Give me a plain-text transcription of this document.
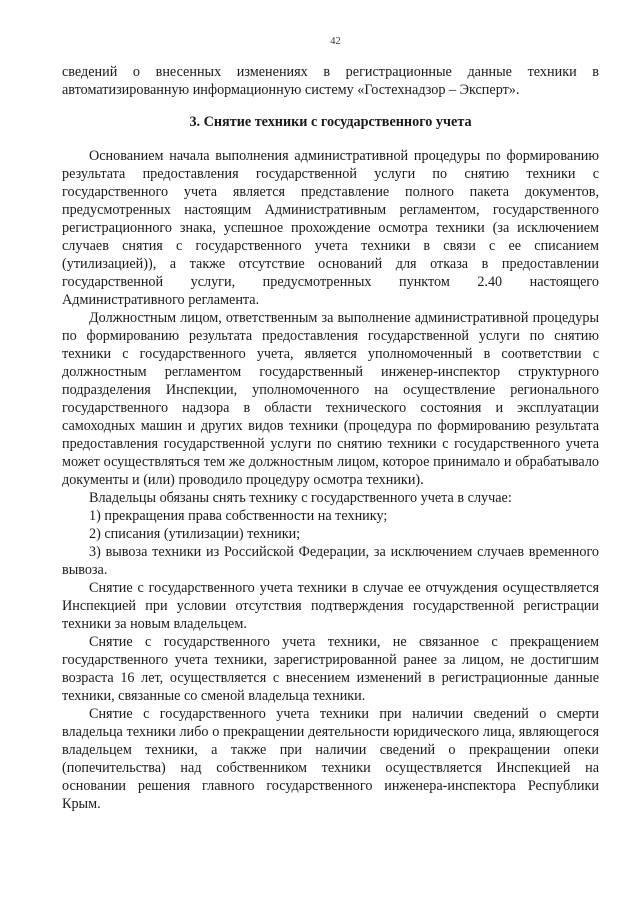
42

сведений о внесенных изменениях в регистрационные данные техники в автоматизированную информационную систему «Гостехнадзор – Эксперт».

3. Снятие техники с государственного учета

Основанием начала выполнения административной процедуры по формированию результата предоставления государственной услуги по снятию техники с государственного учета является представление полного пакета документов, предусмотренных настоящим Административным регламентом, государственного регистрационного знака, успешное прохождение осмотра техники (за исключением случаев снятия с государственного учета техники в связи с ее списанием (утилизацией)), а также отсутствие оснований для отказа в предоставлении государственной услуги, предусмотренных пунктом 2.40 настоящего Административного регламента.

Должностным лицом, ответственным за выполнение административной процедуры по формированию результата предоставления государственной услуги по снятию техники с государственного учета, является уполномоченный в соответствии с должностным регламентом государственный инженер-инспектор структурного подразделения Инспекции, уполномоченного на осуществление регионального государственного надзора в области технического состояния и эксплуатации самоходных машин и других видов техники (процедура по формированию результата предоставления государственной услуги по снятию техники с государственного учета может осуществляться тем же должностным лицом, которое принимало и обрабатывало документы и (или) проводило процедуру осмотра техники).

Владельцы обязаны снять технику с государственного учета в случае:

1) прекращения права собственности на технику;

2) списания (утилизации) техники;

3) вывоза техники из Российской Федерации, за исключением случаев временного вывоза.

Снятие с государственного учета техники в случае ее отчуждения осуществляется Инспекцией при условии отсутствия подтверждения государственной регистрации техники за новым владельцем.

Снятие с государственного учета техники, не связанное с прекращением государственного учета техники, зарегистрированной ранее за лицом, не достигшим возраста 16 лет, осуществляется с внесением изменений в регистрационные данные техники, связанные со сменой владельца техники.

Снятие с государственного учета техники при наличии сведений о смерти владельца техники либо о прекращении деятельности юридического лица, являющегося владельцем техники, а также при наличии сведений о прекращении опеки (попечительства) над собственником техники осуществляется Инспекцией на основании решения главного государственного инженера-инспектора Республики Крым.
